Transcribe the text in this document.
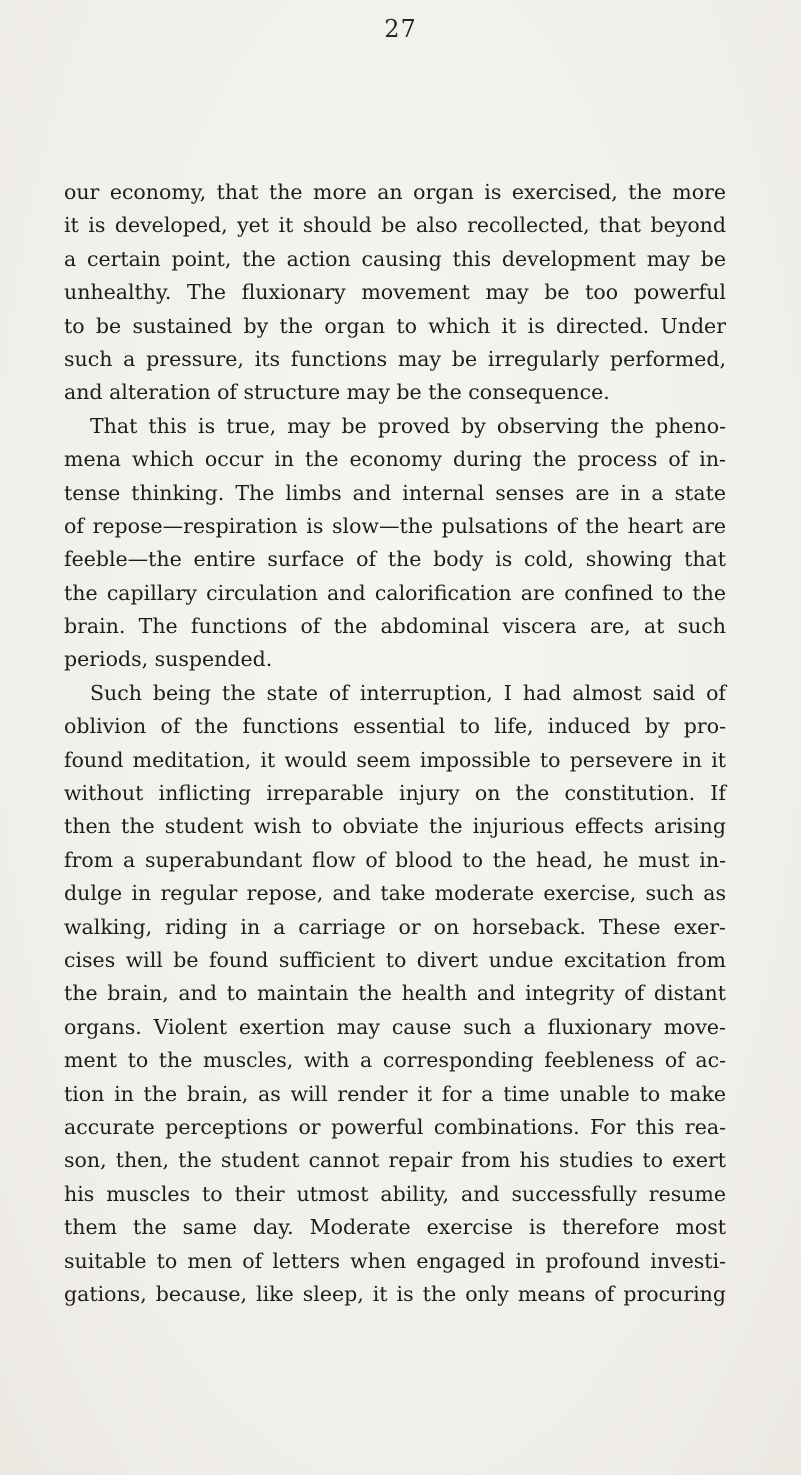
27
our economy, that the more an organ is exercised, the more
it is developed, yet it should be also recollected, that beyond
a certain point, the action causing this development may be
unhealthy. The fluxionary movement may be too powerful
to be sustained by the organ to which it is directed. Under
such a pressure, its functions may be irregularly performed,
and alteration of structure may be the consequence.
That this is true, may be proved by observing the pheno-
mena which occur in the economy during the process of in-
tense thinking. The limbs and internal senses are in a state
of repose—respiration is slow—the pulsations of the heart are
feeble—the entire surface of the body is cold, showing that
the capillary circulation and calorification are confined to the
brain. The functions of the abdominal viscera are, at such
periods, suspended.
Such being the state of interruption, I had almost said of
oblivion of the functions essential to life, induced by pro-
found meditation, it would seem impossible to persevere in it
without inflicting irreparable injury on the constitution. If
then the student wish to obviate the injurious effects arising
from a superabundant flow of blood to the head, he must in-
dulge in regular repose, and take moderate exercise, such as
walking, riding in a carriage or on horseback. These exer-
cises will be found sufficient to divert undue excitation from
the brain, and to maintain the health and integrity of distant
organs. Violent exertion may cause such a fluxionary move-
ment to the muscles, with a corresponding feebleness of ac-
tion in the brain, as will render it for a time unable to make
accurate perceptions or powerful combinations. For this rea-
son, then, the student cannot repair from his studies to exert
his muscles to their utmost ability, and successfully resume
them the same day. Moderate exercise is therefore most
suitable to men of letters when engaged in profound investi-
gations, because, like sleep, it is the only means of procuring
